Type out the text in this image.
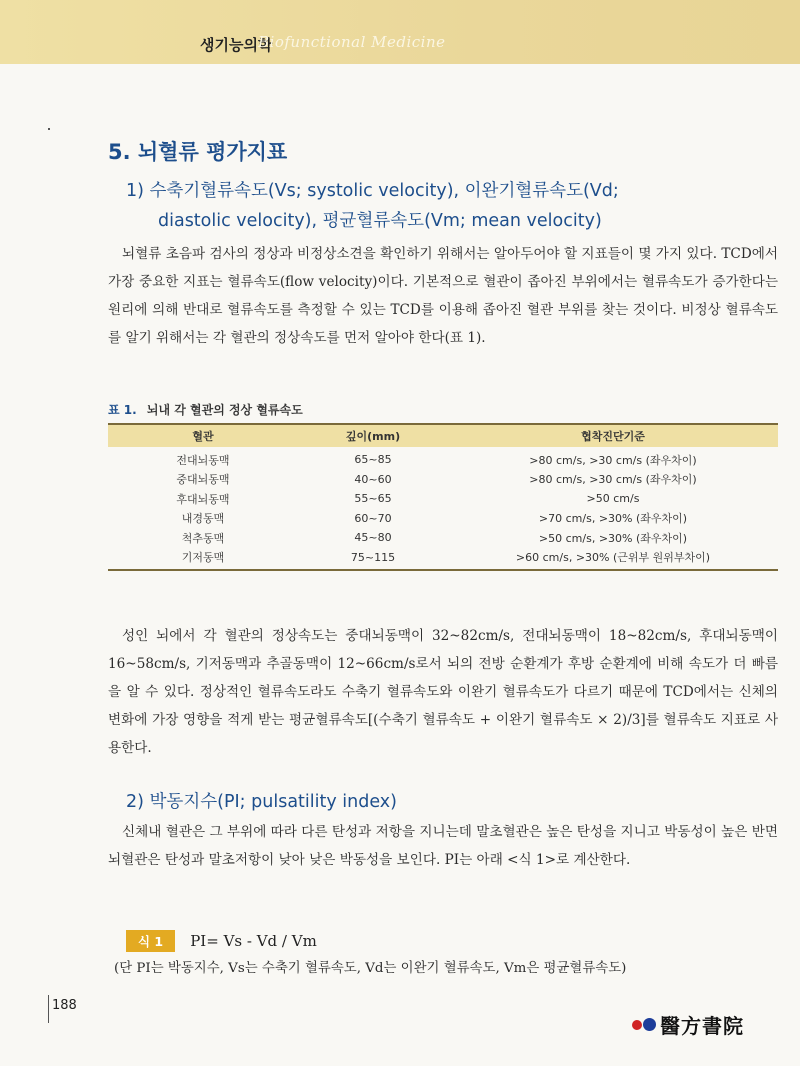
생기능의학
Biofunctional Medicine
5. 뇌혈류 평가지표
1) 수축기혈류속도(Vs; systolic velocity), 이완기혈류속도(Vd;
diastolic velocity), 평균혈류속도(Vm; mean velocity)
뇌혈류 초음파 검사의 정상과 비정상소견을 확인하기 위해서는 알아두어야 할 지표들이 몇 가지 있다. TCD에서 가장 중요한 지표는 혈류속도(flow velocity)이다. 기본적으로 혈관이 좁아진 부위에서는 혈류속도가 증가한다는 원리에 의해 반대로 혈류속도를 측정할 수 있는 TCD를 이용해 좁아진 혈관 부위를 찾는 것이다. 비정상 혈류속도를 알기 위해서는 각 혈관의 정상속도를 먼저 알아야 한다(표 1).
표 1. 뇌내 각 혈관의 정상 혈류속도
혈관	깊이(mm)	협착진단기준
전대뇌동맥	65~85	>80 cm/s, >30 cm/s (좌우차이)
중대뇌동맥	40~60	>80 cm/s, >30 cm/s (좌우차이)
후대뇌동맥	55~65	>50 cm/s
내경동맥	60~70	>70 cm/s, >30% (좌우차이)
척추동맥	45~80	>50 cm/s, >30% (좌우차이)
기저동맥	75~115	>60 cm/s, >30% (근위부 원위부차이)
성인 뇌에서 각 혈관의 정상속도는 중대뇌동맥이 32~82cm/s, 전대뇌동맥이 18~82cm/s, 후대뇌동맥이 16~58cm/s, 기저동맥과 추골동맥이 12~66cm/s로서 뇌의 전방 순환계가 후방 순환계에 비해 속도가 더 빠름을 알 수 있다. 정상적인 혈류속도라도 수축기 혈류속도와 이완기 혈류속도가 다르기 때문에 TCD에서는 신체의 변화에 가장 영향을 적게 받는 평균혈류속도[(수축기 혈류속도 + 이완기 혈류속도 × 2)/3]를 혈류속도 지표로 사용한다.
2) 박동지수(PI; pulsatility index)
신체내 혈관은 그 부위에 따라 다른 탄성과 저항을 지니는데 말초혈관은 높은 탄성을 지니고 박동성이 높은 반면 뇌혈관은 탄성과 말초저항이 낮아 낮은 박동성을 보인다. PI는 아래 <식 1>로 계산한다.
식 1 PI= Vs - Vd / Vm
(단 PI는 박동지수, Vs는 수축기 혈류속도, Vd는 이완기 혈류속도, Vm은 평균혈류속도)
188
醫方書院
